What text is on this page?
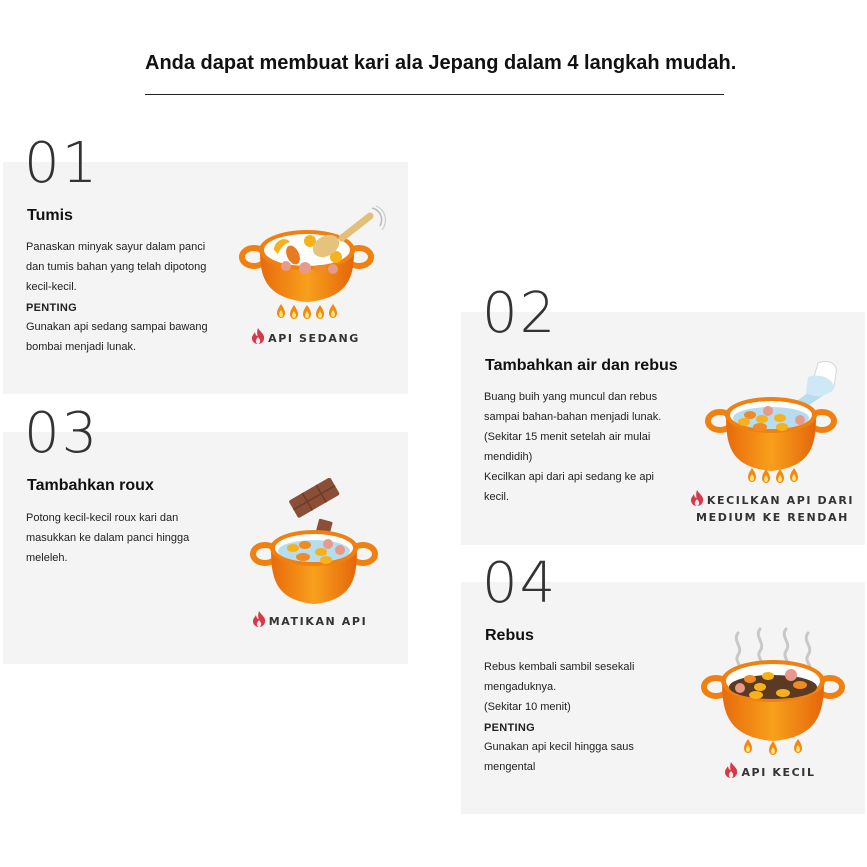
Anda dapat membuat kari ala Jepang dalam 4 langkah mudah.
01
Tumis

Panaskan minyak sayur dalam panci

dan tumis bahan yang telah dipotong

kecil-kecil.

PENTING

Gunakan api sedang sampai bawang

bombai menjadi lunak.

API SEDANG
03
Tambahkan roux

Potong kecil-kecil roux kari dan

masukkan ke dalam panci hingga

meleleh.

MATIKAN API
02
Tambahkan air dan rebus

Buang buih yang muncul dan rebus

sampai bahan-bahan menjadi lunak.

(Sekitar 15 menit setelah air mulai

mendidih)

Kecilkan api dari api sedang ke api

kecil.	KECILKAN API DARI
MEDIUM KE RENDAH
04
Rebus

Rebus kembali sambil sesekali

mengaduknya.

(Sekitar 10 menit)

PENTING

Gunakan api kecil hingga saus

mengental	API KECIL
